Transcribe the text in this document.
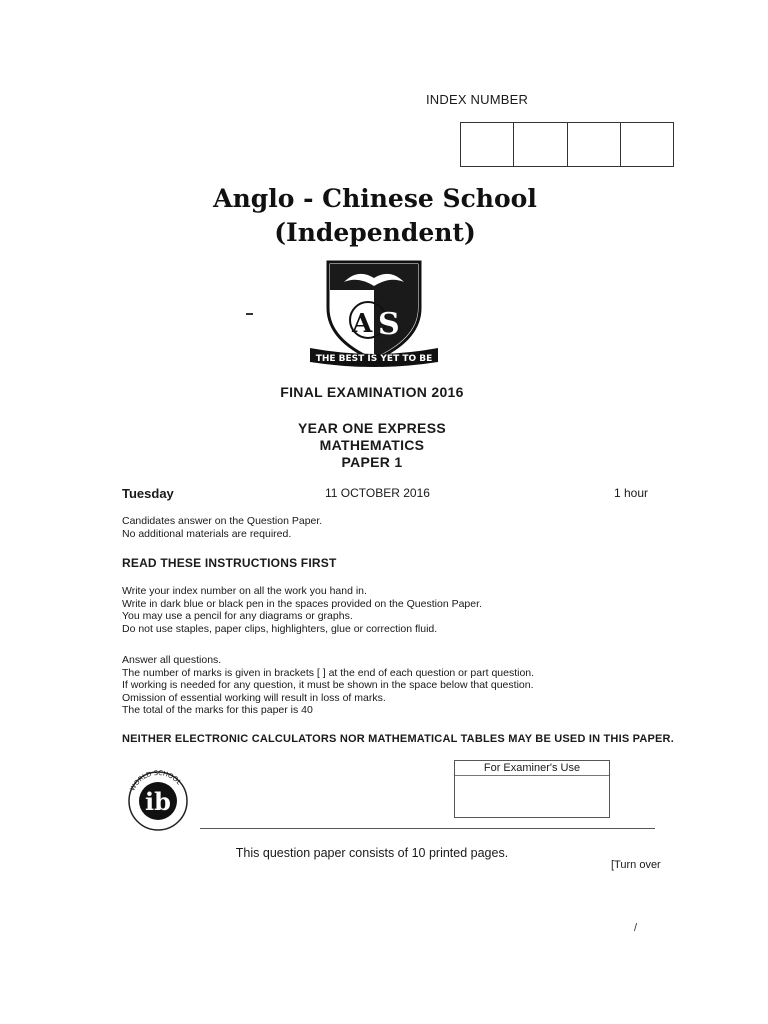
INDEX NUMBER
Anglo - Chinese School
(Independent)
A S
THE BEST IS YET TO BE
FINAL EXAMINATION 2016
YEAR ONE EXPRESS
MATHEMATICS
PAPER 1
Tuesday	11 OCTOBER 2016	1 hour
Candidates answer on the Question Paper.
No additional materials are required.
READ THESE INSTRUCTIONS FIRST
Write your index number on all the work you hand in.
Write in dark blue or black pen in the spaces provided on the Question Paper.
You may use a pencil for any diagrams or graphs.
Do not use staples, paper clips, highlighters, glue or correction fluid.
Answer all questions.
The number of marks is given in brackets [ ] at the end of each question or part question.
If working is needed for any question, it must be shown in the space below that question.
Omission of essential working will result in loss of marks.
The total of the marks for this paper is 40
NEITHER ELECTRONIC CALCULATORS NOR MATHEMATICAL TABLES MAY BE USED IN THIS PAPER.
ib
WORLD SCHOOL
For Examiner's Use
This question paper consists of 10 printed pages.
[Turn over
/
